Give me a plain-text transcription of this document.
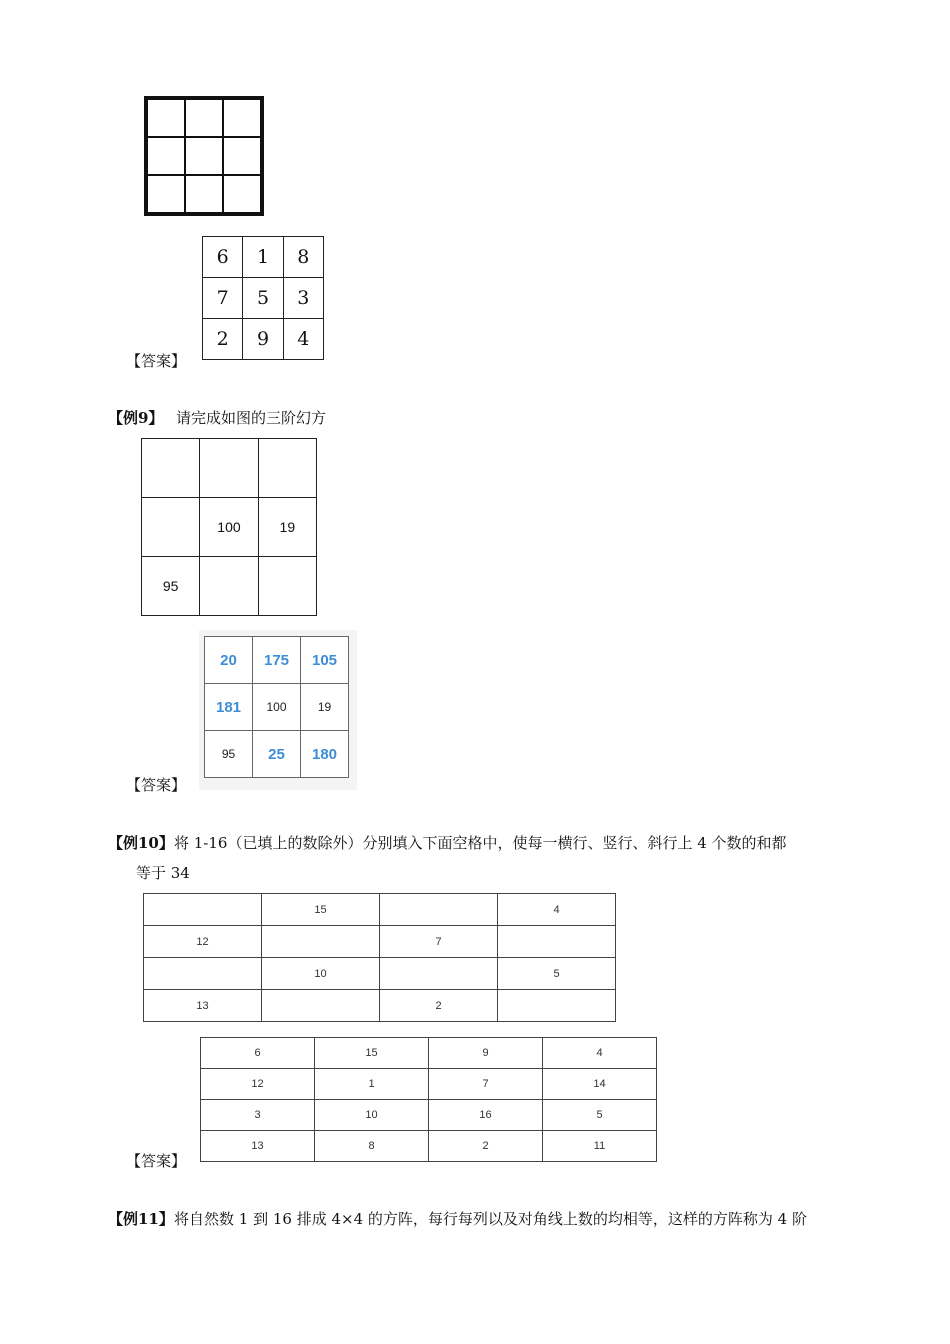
6	1	8
7	5	3
2	9	4
【答案】
【例9】 请完成如图的三阶幻方

	100	19
95		
20	175	105
181	100	19
95	25	180
【答案】
【例10】 将 1-16（已填上的数除外）分别填入下面空格中，使每一横行、竖行、斜行上 4 个数的和都
等于 34
	15		4
12		7	
	10		5
13		2	
6	15	9	4
12	1	7	14
3	10	16	5
13	8	2	11
【答案】
【例11】 将自然数 1 到 16 排成 4×4 的方阵，每行每列以及对角线上数的均相等，这样的方阵称为 4 阶
